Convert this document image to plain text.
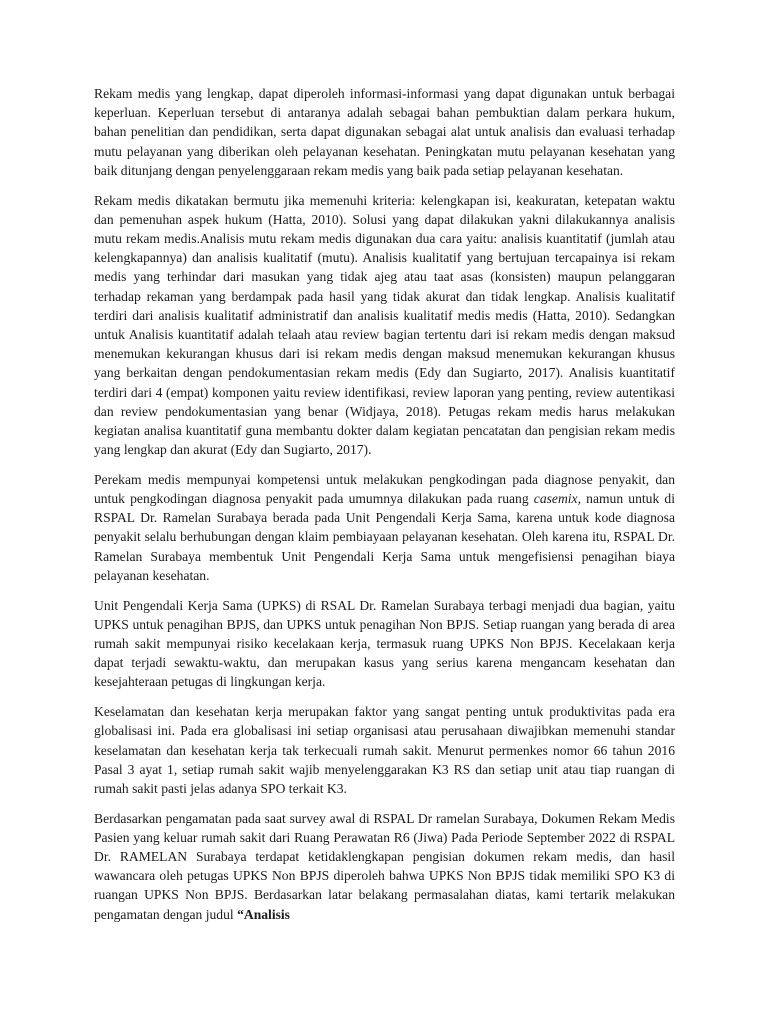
Rekam medis yang lengkap, dapat diperoleh informasi-informasi yang dapat digunakan untuk berbagai keperluan. Keperluan tersebut di antaranya adalah sebagai bahan pembuktian dalam perkara hukum, bahan penelitian dan pendidikan, serta dapat digunakan sebagai alat untuk analisis dan evaluasi terhadap mutu pelayanan yang diberikan oleh pelayanan kesehatan. Peningkatan mutu pelayanan kesehatan yang baik ditunjang dengan penyelenggaraan rekam medis yang baik pada setiap pelayanan kesehatan.

Rekam medis dikatakan bermutu jika memenuhi kriteria: kelengkapan isi, keakuratan, ketepatan waktu dan pemenuhan aspek hukum (Hatta, 2010). Solusi yang dapat dilakukan yakni dilakukannya analisis mutu rekam medis.Analisis mutu rekam medis digunakan dua cara yaitu: analisis kuantitatif (jumlah atau kelengkapannya) dan analisis kualitatif (mutu). Analisis kualitatif yang bertujuan tercapainya isi rekam medis yang terhindar dari masukan yang tidak ajeg atau taat asas (konsisten) maupun pelanggaran terhadap rekaman yang berdampak pada hasil yang tidak akurat dan tidak lengkap. Analisis kualitatif terdiri dari analisis kualitatif administratif dan analisis kualitatif medis medis (Hatta, 2010). Sedangkan untuk Analisis kuantitatif adalah telaah atau review bagian tertentu dari isi rekam medis dengan maksud menemukan kekurangan khusus dari isi rekam medis dengan maksud menemukan kekurangan khusus yang berkaitan dengan pendokumentasian rekam medis (Edy dan Sugiarto, 2017). Analisis kuantitatif terdiri dari 4 (empat) komponen yaitu review identifikasi, review laporan yang penting, review autentikasi dan review pendokumentasian yang benar (Widjaya, 2018). Petugas rekam medis harus melakukan kegiatan analisa kuantitatif guna membantu dokter dalam kegiatan pencatatan dan pengisian rekam medis yang lengkap dan akurat (Edy dan Sugiarto, 2017).

Perekam medis mempunyai kompetensi untuk melakukan pengkodingan pada diagnose penyakit, dan untuk pengkodingan diagnosa penyakit pada umumnya dilakukan pada ruang casemix, namun untuk di RSPAL Dr. Ramelan Surabaya berada pada Unit Pengendali Kerja Sama, karena untuk kode diagnosa penyakit selalu berhubungan dengan klaim pembiayaan pelayanan kesehatan. Oleh karena itu, RSPAL Dr. Ramelan Surabaya membentuk Unit Pengendali Kerja Sama untuk mengefisiensi penagihan biaya pelayanan kesehatan.

Unit Pengendali Kerja Sama (UPKS) di RSAL Dr. Ramelan Surabaya terbagi menjadi dua bagian, yaitu UPKS untuk penagihan BPJS, dan UPKS untuk penagihan Non BPJS. Setiap ruangan yang berada di area rumah sakit mempunyai risiko kecelakaan kerja, termasuk ruang UPKS Non BPJS. Kecelakaan kerja dapat terjadi sewaktu-waktu, dan merupakan kasus yang serius karena mengancam kesehatan dan kesejahteraan petugas di lingkungan kerja.

Keselamatan dan kesehatan kerja merupakan faktor yang sangat penting untuk produktivitas pada era globalisasi ini. Pada era globalisasi ini setiap organisasi atau perusahaan diwajibkan memenuhi standar keselamatan dan kesehatan kerja tak terkecuali rumah sakit. Menurut permenkes nomor 66 tahun 2016 Pasal 3 ayat 1, setiap rumah sakit wajib menyelenggarakan K3 RS dan setiap unit atau tiap ruangan di rumah sakit pasti jelas adanya SPO terkait K3.

Berdasarkan pengamatan pada saat survey awal di RSPAL Dr ramelan Surabaya, Dokumen Rekam Medis Pasien yang keluar rumah sakit dari Ruang Perawatan R6 (Jiwa) Pada Periode September 2022 di RSPAL Dr. RAMELAN Surabaya terdapat ketidaklengkapan pengisian dokumen rekam medis, dan hasil wawancara oleh petugas UPKS Non BPJS diperoleh bahwa UPKS Non BPJS tidak memiliki SPO K3 di ruangan UPKS Non BPJS. Berdasarkan latar belakang permasalahan diatas, kami tertarik melakukan pengamatan dengan judul “Analisis
